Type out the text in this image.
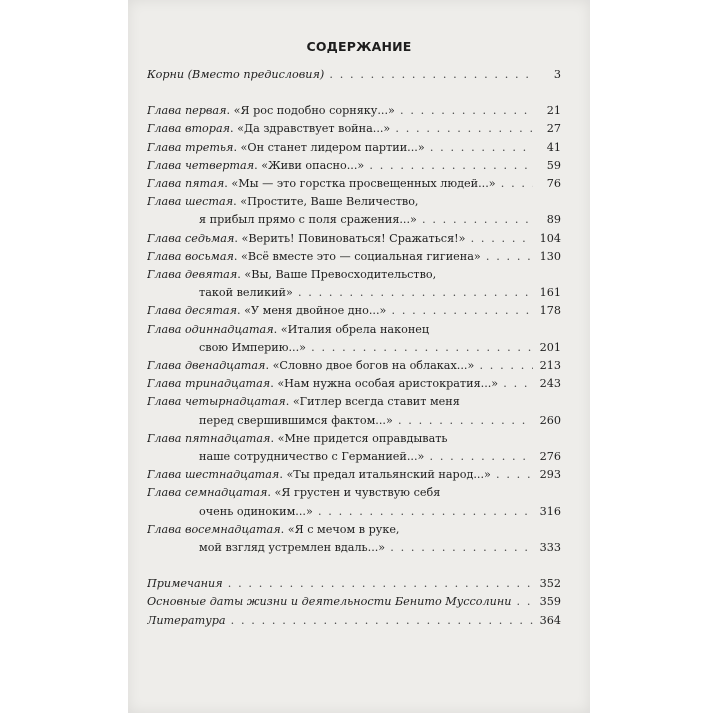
СОДЕРЖАНИЕ
Корни (Вместо предисловия) . . .	3
Глава первая. «Я рос подобно сорняку...» . . .	21
Глава вторая. «Да здравствует война...» . . .	27
Глава третья. «Он станет лидером партии...» . . .	41
Глава четвертая. «Живи опасно...» . . .	59
Глава пятая. «Мы — это горстка просвещенных людей...» . . .	76
Глава шестая. «Простите, Ваше Величество,
я прибыл прямо с поля сражения...» . . .	89
Глава седьмая. «Верить! Повиноваться! Сражаться!» . . .	104
Глава восьмая. «Всё вместе это — социальная гигиена» . . .	130
Глава девятая. «Вы, Ваше Превосходительство,
такой великий» . . .	161
Глава десятая. «У меня двойное дно...» . . .	178
Глава одиннадцатая. «Италия обрела наконец
свою Империю...» . . .	201
Глава двенадцатая. «Словно двое богов на облаках...» . . .	213
Глава тринадцатая. «Нам нужна особая аристократия...» . . .	243
Глава четырнадцатая. «Гитлер всегда ставит меня
перед свершившимся фактом...» . . .	260
Глава пятнадцатая. «Мне придется оправдывать
наше сотрудничество с Германией...» . . .	276
Глава шестнадцатая. «Ты предал итальянский народ...» . . .	293
Глава семнадцатая. «Я грустен и чувствую себя
очень одиноким...» . . .	316
Глава восемнадцатая. «Я с мечом в руке,
мой взгляд устремлен вдаль...» . . .	333
Примечания . . .	352
Основные даты жизни и деятельности Бенито Муссолини . . .	359
Литература . . .	364
